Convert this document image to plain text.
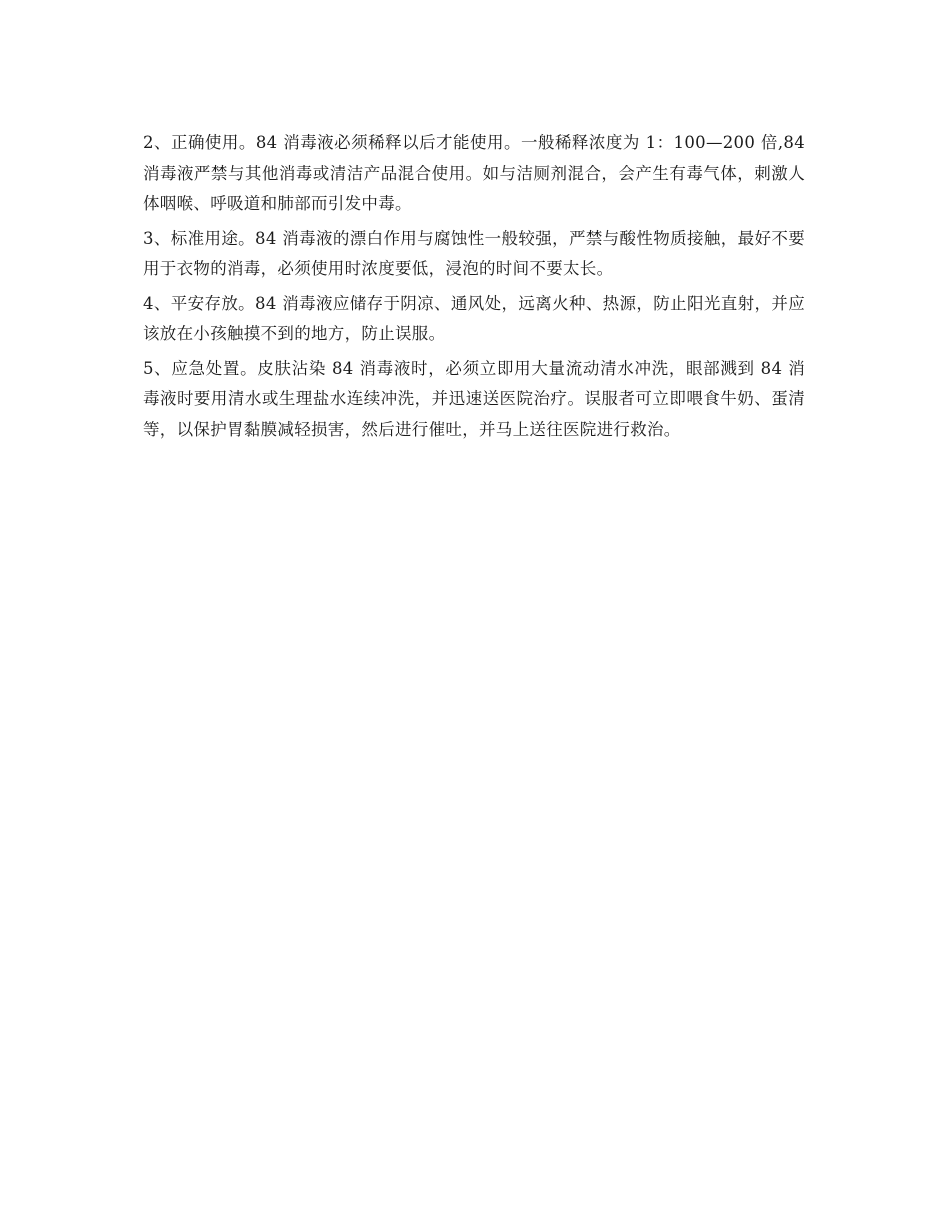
2、正确使用。84 消毒液必须稀释以后才能使用。一般稀释浓度为 1：100—200 倍,84 消毒液严禁与其他消毒或清洁产品混合使用。如与洁厕剂混合，会产生有毒气体，刺激人体咽喉、呼吸道和肺部而引发中毒。

3、标准用途。84 消毒液的漂白作用与腐蚀性一般较强，严禁与酸性物质接触，最好不要用于衣物的消毒，必须使用时浓度要低，浸泡的时间不要太长。

4、平安存放。84 消毒液应储存于阴凉、通风处，远离火种、热源，防止阳光直射，并应该放在小孩触摸不到的地方，防止误服。

5、应急处置。皮肤沾染 84 消毒液时，必须立即用大量流动清水冲洗，眼部溅到 84 消毒液时要用清水或生理盐水连续冲洗，并迅速送医院治疗。误服者可立即喂食牛奶、蛋清等，以保护胃黏膜减轻损害，然后进行催吐，并马上送往医院进行救治。
